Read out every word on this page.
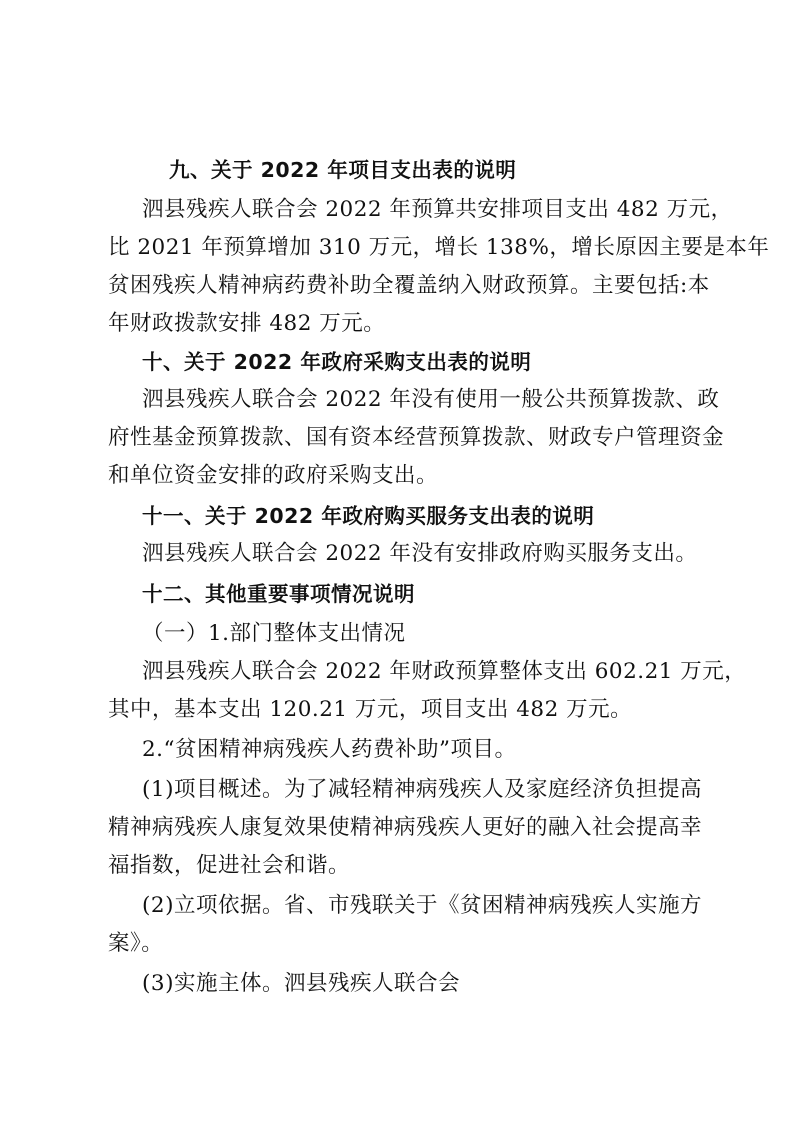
九、关于 2022 年项目支出表的说明
泗县残疾人联合会 2022 年预算共安排项目支出 482 万元，
比 2021 年预算增加 310 万元，增长 138%，增长原因主要是本年
贫困残疾人精神病药费补助全覆盖纳入财政预算。主要包括:本
年财政拨款安排 482 万元。
十、关于 2022 年政府采购支出表的说明
泗县残疾人联合会 2022 年没有使用一般公共预算拨款、政
府性基金预算拨款、国有资本经营预算拨款、财政专户管理资金
和单位资金安排的政府采购支出。
十一、关于 2022 年政府购买服务支出表的说明
泗县残疾人联合会 2022 年没有安排政府购买服务支出。
十二、其他重要事项情况说明
（一）1.部门整体支出情况
泗县残疾人联合会 2022 年财政预算整体支出 602.21 万元，
其中，基本支出 120.21 万元，项目支出 482 万元。
2.“贫困精神病残疾人药费补助”项目。
(1)项目概述。为了减轻精神病残疾人及家庭经济负担提高
精神病残疾人康复效果使精神病残疾人更好的融入社会提高幸
福指数，促进社会和谐。
(2)立项依据。省、市残联关于《贫困精神病残疾人实施方
案》。
(3)实施主体。泗县残疾人联合会
